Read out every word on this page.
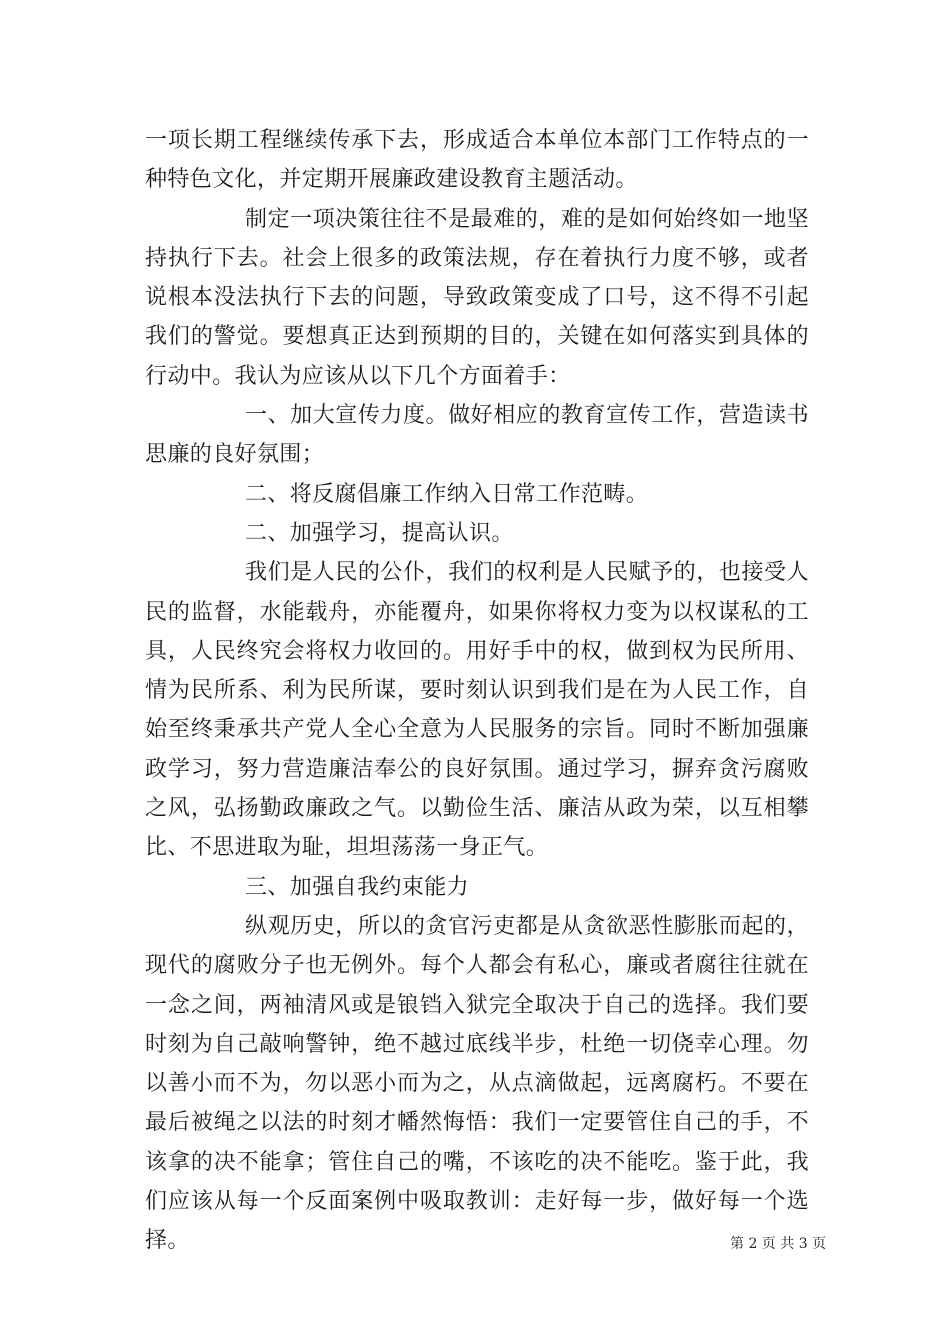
一项长期工程继续传承下去，形成适合本单位本部门工作特点的一种特色文化，并定期开展廉政建设教育主题活动。

制定一项决策往往不是最难的，难的是如何始终如一地坚持执行下去。社会上很多的政策法规，存在着执行力度不够，或者说根本没法执行下去的问题，导致政策变成了口号，这不得不引起我们的警觉。要想真正达到预期的目的，关键在如何落实到具体的行动中。我认为应该从以下几个方面着手：

一、加大宣传力度。做好相应的教育宣传工作，营造读书思廉的良好氛围；

二、将反腐倡廉工作纳入日常工作范畴。

二、加强学习，提高认识。

我们是人民的公仆，我们的权利是人民赋予的，也接受人民的监督，水能载舟，亦能覆舟，如果你将权力变为以权谋私的工具，人民终究会将权力收回的。用好手中的权，做到权为民所用、情为民所系、利为民所谋，要时刻认识到我们是在为人民工作，自始至终秉承共产党人全心全意为人民服务的宗旨。同时不断加强廉政学习，努力营造廉洁奉公的良好氛围。通过学习，摒弃贪污腐败之风，弘扬勤政廉政之气。以勤俭生活、廉洁从政为荣，以互相攀比、不思进取为耻，坦坦荡荡一身正气。

三、加强自我约束能力

纵观历史，所以的贪官污吏都是从贪欲恶性膨胀而起的，现代的腐败分子也无例外。每个人都会有私心，廉或者腐往往就在一念之间，两袖清风或是锒铛入狱完全取决于自己的选择。我们要时刻为自己敲响警钟，绝不越过底线半步，杜绝一切侥幸心理。勿以善小而不为，勿以恶小而为之，从点滴做起，远离腐朽。不要在最后被绳之以法的时刻才幡然悔悟：我们一定要管住自己的手，不该拿的决不能拿；管住自己的嘴，不该吃的决不能吃。鉴于此，我们应该从每一个反面案例中吸取教训：走好每一步，做好每一个选择。	第 2 页 共 3 页
